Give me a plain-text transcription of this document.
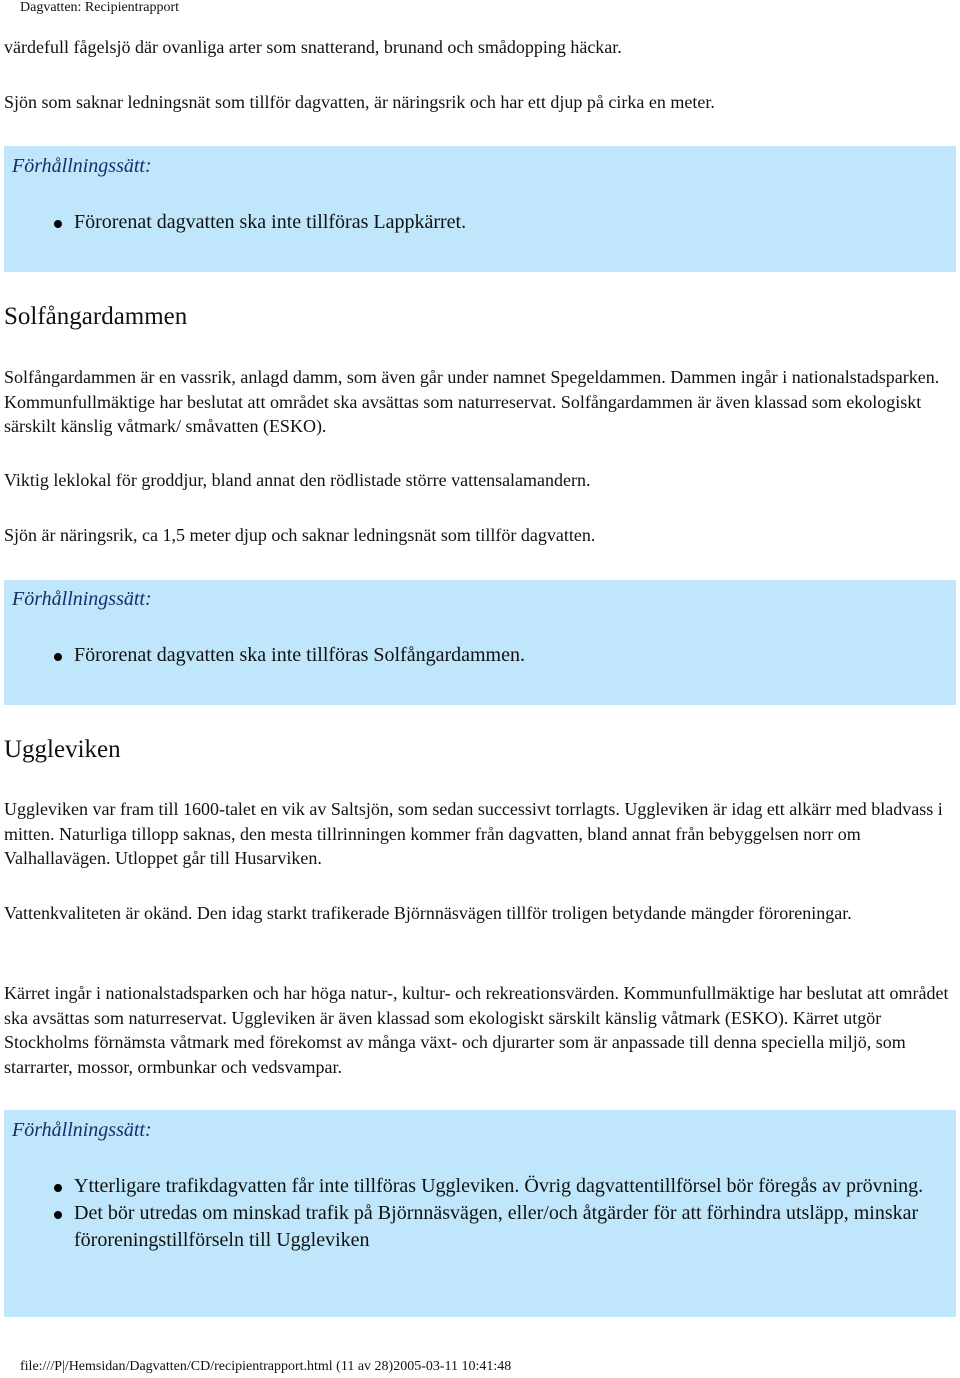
Dagvatten: Recipientrapport

värdefull fågelsjö där ovanliga arter som snatterand, brunand och smådopping häckar.

Sjön som saknar ledningsnät som tillför dagvatten, är näringsrik och har ett djup på cirka en meter.

Förhållningssätt:
Förorenat dagvatten ska inte tillföras Lappkärret.
Solfångardammen

Solfångardammen är en vassrik, anlagd damm, som även går under namnet Spegeldammen. Dammen ingår i nationalstadsparken. Kommunfullmäktige har beslutat att området ska avsättas som naturreservat. Solfångardammen är även klassad som ekologiskt särskilt känslig våtmark/ småvatten (ESKO).

Viktig leklokal för groddjur, bland annat den rödlistade större vattensalamandern.

Sjön är näringsrik, ca 1,5 meter djup och saknar ledningsnät som tillför dagvatten.

Förhållningssätt:
Förorenat dagvatten ska inte tillföras Solfångardammen.
Uggleviken

Uggleviken var fram till 1600-talet en vik av Saltsjön, som sedan successivt torrlagts. Uggleviken är idag ett alkärr med bladvass i mitten. Naturliga tillopp saknas, den mesta tillrinningen kommer från dagvatten, bland annat från bebyggelsen norr om Valhallavägen. Utloppet går till Husarviken.

Vattenkvaliteten är okänd. Den idag starkt trafikerade Björnnäsvägen tillför troligen betydande mängder föroreningar.

Kärret ingår i nationalstadsparken och har höga natur-, kultur- och rekreationsvärden. Kommunfullmäktige har beslutat att området ska avsättas som naturreservat. Uggleviken är även klassad som ekologiskt särskilt känslig våtmark (ESKO). Kärret utgör Stockholms förnämsta våtmark med förekomst av många växt- och djurarter som är anpassade till denna speciella miljö, som starrarter, mossor, ormbunkar och vedsvampar.

Förhållningssätt:
Ytterligare trafikdagvatten får inte tillföras Uggleviken. Övrig dagvattentillförsel bör föregås av prövning.
Det bör utredas om minskad trafik på Björnnäsvägen, eller/och åtgärder för att förhindra utsläpp, minskar föroreningstillförseln till Uggleviken
file:///P|/Hemsidan/Dagvatten/CD/recipientrapport.html (11 av 28)2005-03-11 10:41:48
